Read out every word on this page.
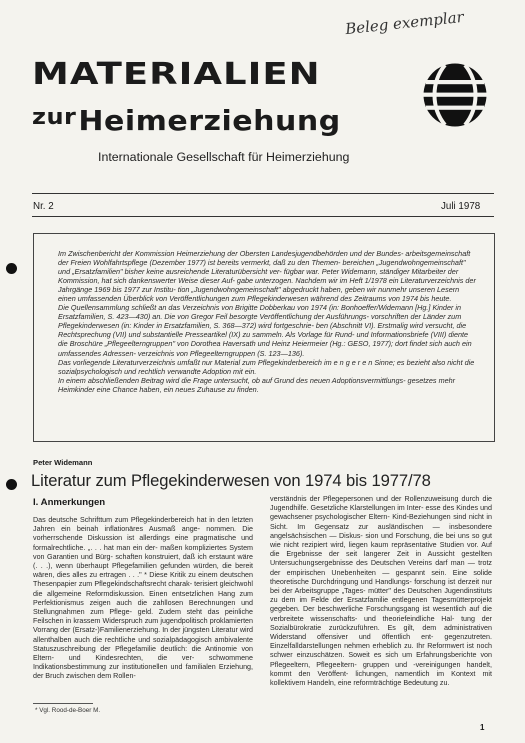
Beleg exemplar
MATERIALIEN
$^{zur}$Heimerziehung
Internationale Gesellschaft für Heimerziehung
Nr. 2	Juli 1978

Im Zwischenbericht der Kommission Heimerziehung der Obersten Landesjugendbehörden und der Bundes- arbeitsgemeinschaft der Freien Wohlfahrtspflege (Dezember 1977) ist bereits vermerkt, daß zu den Themen- bereichen „Jugendwohngemeinschaft" und „Ersatzfamilien" bisher keine ausreichende Literaturübersicht ver- fügbar war. Peter Widemann, ständiger Mitarbeiter der Kommission, hat sich dankenswerter Weise dieser Auf- gabe unterzogen. Nachdem wir im Heft 1/1978 ein Literaturverzeichnis der Jahrgänge 1969 bis 1977 zur Institu- tion „Jugendwohngemeinschaft" abgedruckt haben, geben wir nunmehr unseren Lesern einen umfassenden Überblick von Veröffentlichungen zum Pflegekinderwesen während des Zeitraums von 1974 bis heute.

Die Quellensammlung schließt an das Verzeichnis von Brigitte Dobberkau von 1974 (in: Bonhoeffer/Widemann [Hg.] Kinder in Ersatzfamilien, S. 423—430) an. Die von Gregor Feil besorgte Veröffentlichung der Ausführungs- vorschriften der Länder zum Pflegekinderwesen (in: Kinder in Ersatzfamilien, S. 368—372) wird fortgeschrie- ben (Abschnitt VI). Erstmalig wird versucht, die Rechtsprechung (VII) und substantielle Presseartikel (IX) zu sammeln. Als Vorlage für Rund- und Informationsbriefe (VIII) diente die Broschüre „Pflegeelterngruppen" von Dorothea Haversath und Heinz Heiermeier (Hg.: GESO, 1977); dort findet sich auch ein umfassendes Adressen- verzeichnis von Pflegeelterngruppen (S. 123—136).

Das vorliegende Literaturverzeichnis umfaßt nur Material zum Pflegekinderbereich im e n g e r e n Sinne; es bezieht also nicht die sozialpsychologisch und rechtlich verwandte Adoption mit ein.

In einem abschließenden Beitrag wird die Frage untersucht, ob auf Grund des neuen Adoptionsvermittlungs- gesetzes mehr Heimkinder eine Chance haben, ein neues Zuhause zu finden.

Peter Widemann
Literatur zum Pflegekinderwesen von 1974 bis 1977/78
I. Anmerkungen

Das deutsche Schrifttum zum Pflegekinderbereich hat in den letzten Jahren ein beinah inflationäres Ausmaß ange- nommen. Die vorherrschende Diskussion ist allerdings eine pragmatische und formalrechtliche. „. . . hat man ein der- maßen kompliziertes System von Garantien und Bürg- schaften konstruiert, daß ich erstaunt wäre (. . .), wenn überhaupt Pflegefamilien gefunden würden, die bereit wären, dies alles zu ertragen . . ." * Diese Kritik zu einem deutschen Thesenpapier zum Pflegekindschaftsrecht charak- terisiert gleichwohl die allgemeine Reformdiskussion. Einen entsetzlichen Hang zum Perfektionismus zeigen auch die zahllosen Berechnungen und Stellungnahmen zum Pflege- geld. Zudem steht das peinliche Feilschen in krassem Widerspruch zum jugendpolitisch proklamierten Vorrang der (Ersatz-)Familienerziehung. In der jüngsten Literatur wird allenthalben auch die rechtliche und sozialpädagogisch ambivalente Statuszuschreibung der Pflegefamilie deutlich: die Antinomie von Eltern- und Kindesrechten, die ver- schwommene Indikationsbestimmung zur institutionellen und familialen Erziehung, der Bruch zwischen dem Rollen-

* Vgl. Rood-de-Boer M.

verständnis der Pflegepersonen und der Rollenzuweisung durch die Jugendhilfe. Gesetzliche Klarstellungen im Inter- esse des Kindes und gewachsener psychologischer Eltern- Kind-Beziehungen sind nicht in Sicht. Im Gegensatz zur ausländischen — insbesondere angelsächsischen — Diskus- sion und Forschung, die bei uns so gut wie nicht rezipiert wird, liegen kaum repräsentative Studien vor. Auf die Ergebnisse der seit langerer Zeit in Aussicht gestellten Untersuchungsergebnisse des Deutschen Vereins darf man — trotz der empirischen Unebenheiten — gespannt sein. Eine solide theoretische Durchdringung und Handlungs- forschung ist derzeit nur bei der Arbeitsgruppe „Tages- mütter" des Deutschen Jugendinstituts zu dem im Felde der Ersatzfamilie entlegenen Tagesmütterprojekt gegeben. Der beschwerliche Forschungsgang ist wesentlich auf die verbreitete wissenschafts- und theoriefeindliche Hal- tung der Sozialbürokratie zurückzuführen. Es gilt, dem administrativen Widerstand offensiver und öffentlich ent- gegenzutreten. Einzelfalldarstellungen nehmen erheblich zu. Ihr Reformwert ist noch schwer einzuschätzen. Soweit es sich um Erfahrungsberichte von Pflegeeltern, Pflegeeltern- gruppen und -vereinigungen handelt, kommt den Veröffent- lichungen, namentlich im Kontext mit kollektivem Handeln, eine reformträchtige Bedeutung zu.

1
